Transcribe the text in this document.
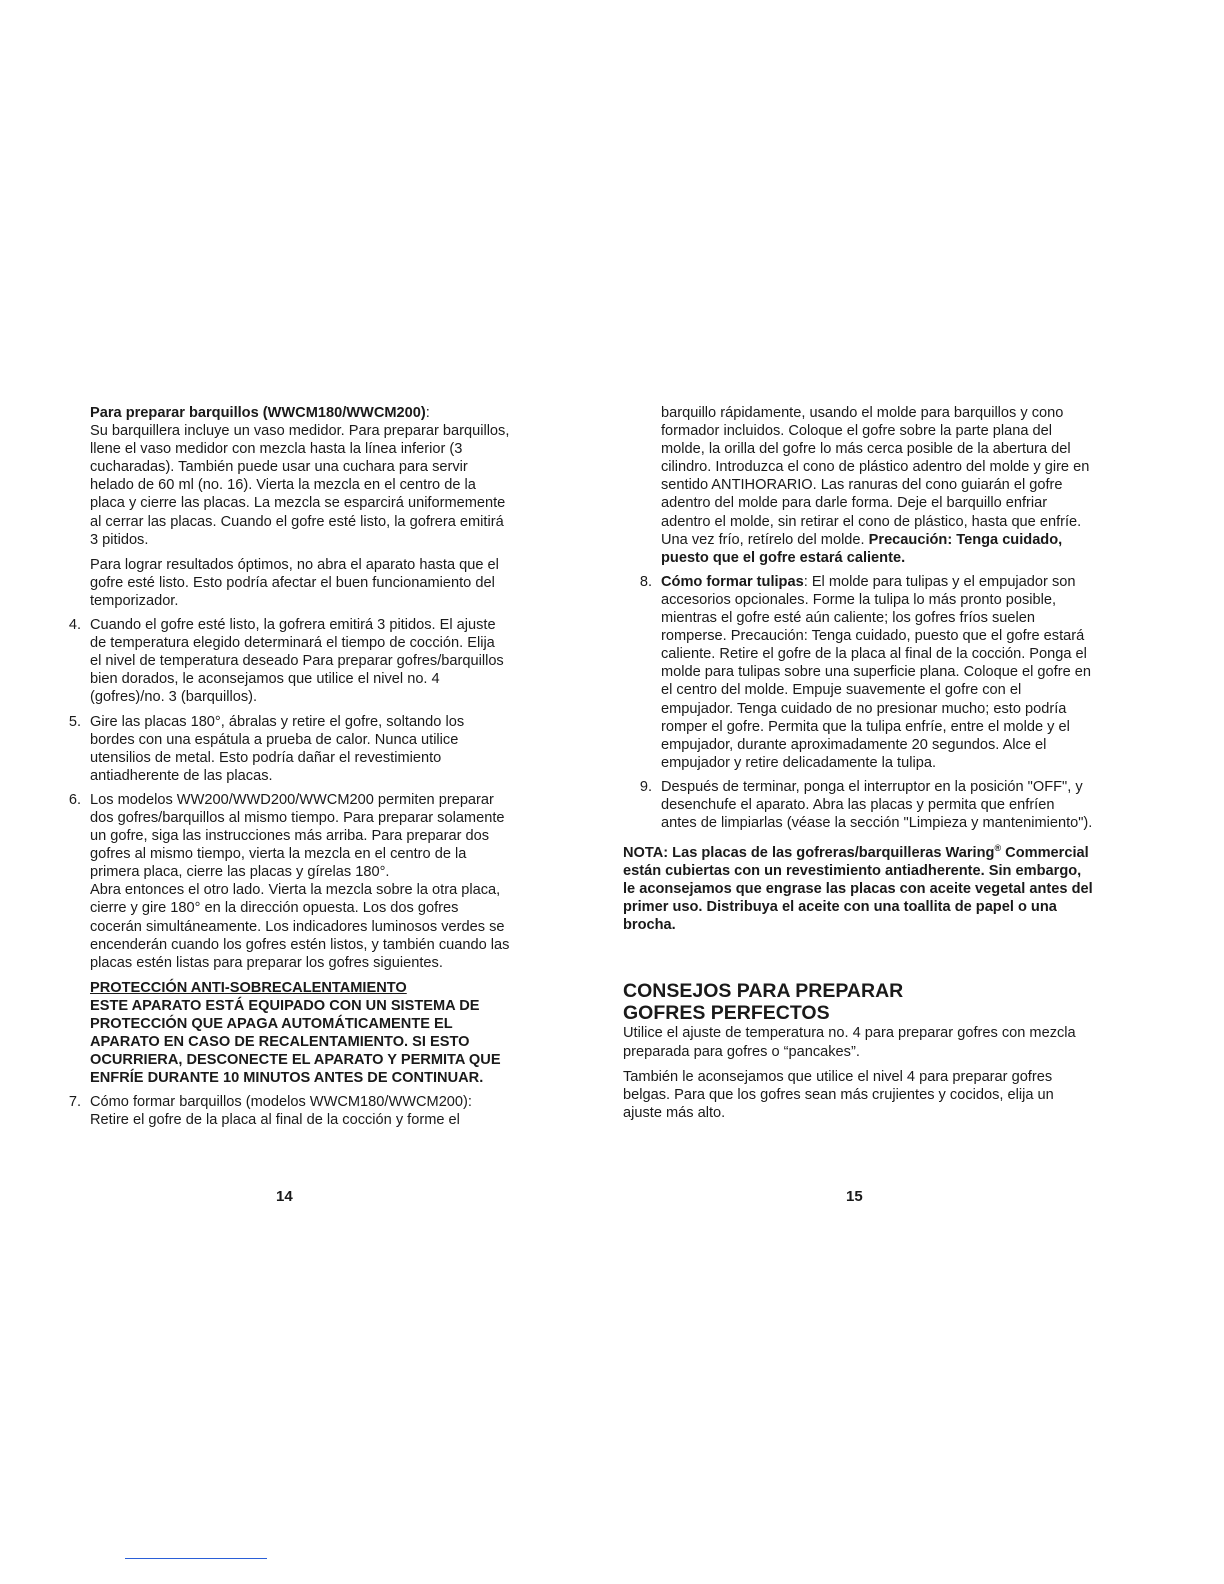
Para preparar barquillos (WWCM180/WWCM200):
Su barquillera incluye un vaso medidor. Para preparar barquillos, llene el vaso medidor con mezcla hasta la línea inferior (3 cucharadas). También puede usar una cuchara para servir helado de 60 ml (no. 16). Vierta la mezcla en el centro de la placa y cierre las placas. La mezcla se esparcirá uniformemente al cerrar las placas. Cuando el gofre esté listo, la gofrera emitirá 3 pitidos.

Para lograr resultados óptimos, no abra el aparato hasta que el gofre esté listo. Esto podría afectar el buen funcionamiento del temporizador.

4. Cuando el gofre esté listo, la gofrera emitirá 3 pitidos. El ajuste de temperatura elegido determinará el tiempo de cocción. Elija el nivel de temperatura deseado Para preparar gofres/barquillos bien dorados, le aconsejamos que utilice el nivel no. 4 (gofres)/no. 3 (barquillos).
5. Gire las placas 180°, ábralas y retire el gofre, soltando los bordes con una espátula a prueba de calor. Nunca utilice utensilios de metal. Esto podría dañar el revestimiento antiadherente de las placas.
6. Los modelos WW200/WWD200/WWCM200 permiten preparar dos gofres/barquillos al mismo tiempo. Para preparar solamente un gofre, siga las instrucciones más arriba. Para preparar dos gofres al mismo tiempo, vierta la mezcla en el centro de la primera placa, cierre las placas y gírelas 180°.
Abra entonces el otro lado. Vierta la mezcla sobre la otra placa, cierre y gire 180° en la dirección opuesta. Los dos gofres cocerán simultáneamente. Los indicadores luminosos verdes se encenderán cuando los gofres estén listos, y también cuando las placas estén listas para preparar los gofres siguientes.

PROTECCIÓN ANTI-SOBRECALENTAMIENTO
ESTE APARATO ESTÁ EQUIPADO CON UN SISTEMA DE PROTECCIÓN QUE APAGA AUTOMÁTICAMENTE EL APARATO EN CASO DE RECALENTAMIENTO. SI ESTO OCURRIERA, DESCONECTE EL APARATO Y PERMITA QUE ENFRÍE DURANTE 10 MINUTOS ANTES DE CONTINUAR.

7. Cómo formar barquillos (modelos WWCM180/WWCM200): Retire el gofre de la placa al final de la cocción y forme el
14

barquillo rápidamente, usando el molde para barquillos y cono formador incluidos. Coloque el gofre sobre la parte plana del molde, la orilla del gofre lo más cerca posible de la abertura del cilindro. Introduzca el cono de plástico adentro del molde y gire en sentido ANTIHORARIO. Las ranuras del cono guiarán el gofre adentro del molde para darle forma. Deje el barquillo enfriar adentro el molde, sin retirar el cono de plástico, hasta que enfríe. Una vez frío, retírelo del molde. Precaución: Tenga cuidado, puesto que el gofre estará caliente.

8. Cómo formar tulipas: El molde para tulipas y el empujador son accesorios opcionales. Forme la tulipa lo más pronto posible, mientras el gofre esté aún caliente; los gofres fríos suelen romperse. Precaución: Tenga cuidado, puesto que el gofre estará caliente. Retire el gofre de la placa al final de la cocción. Ponga el molde para tulipas sobre una superficie plana. Coloque el gofre en el centro del molde. Empuje suavemente el gofre con el empujador. Tenga cuidado de no presionar mucho; esto podría romper el gofre. Permita que la tulipa enfríe, entre el molde y el empujador, durante aproximadamente 20 segundos. Alce el empujador y retire delicadamente la tulipa.
9. Después de terminar, ponga el interruptor en la posición "OFF", y desenchufe el aparato. Abra las placas y permita que enfríen antes de limpiarlas (véase la sección "Limpieza y mantenimiento").

NOTA: Las placas de las gofreras/barquilleras Waring® Commercial están cubiertas con un revestimiento antiadherente. Sin embargo, le aconsejamos que engrase las placas con aceite vegetal antes del primer uso. Distribuya el aceite con una toallita de papel o una brocha.

CONSEJOS PARA PREPARAR
GOFRES PERFECTOS

Utilice el ajuste de temperatura no. 4 para preparar gofres con mezcla preparada para gofres o “pancakes”.

También le aconsejamos que utilice el nivel 4 para preparar gofres belgas. Para que los gofres sean más crujientes y cocidos, elija un ajuste más alto.

15
